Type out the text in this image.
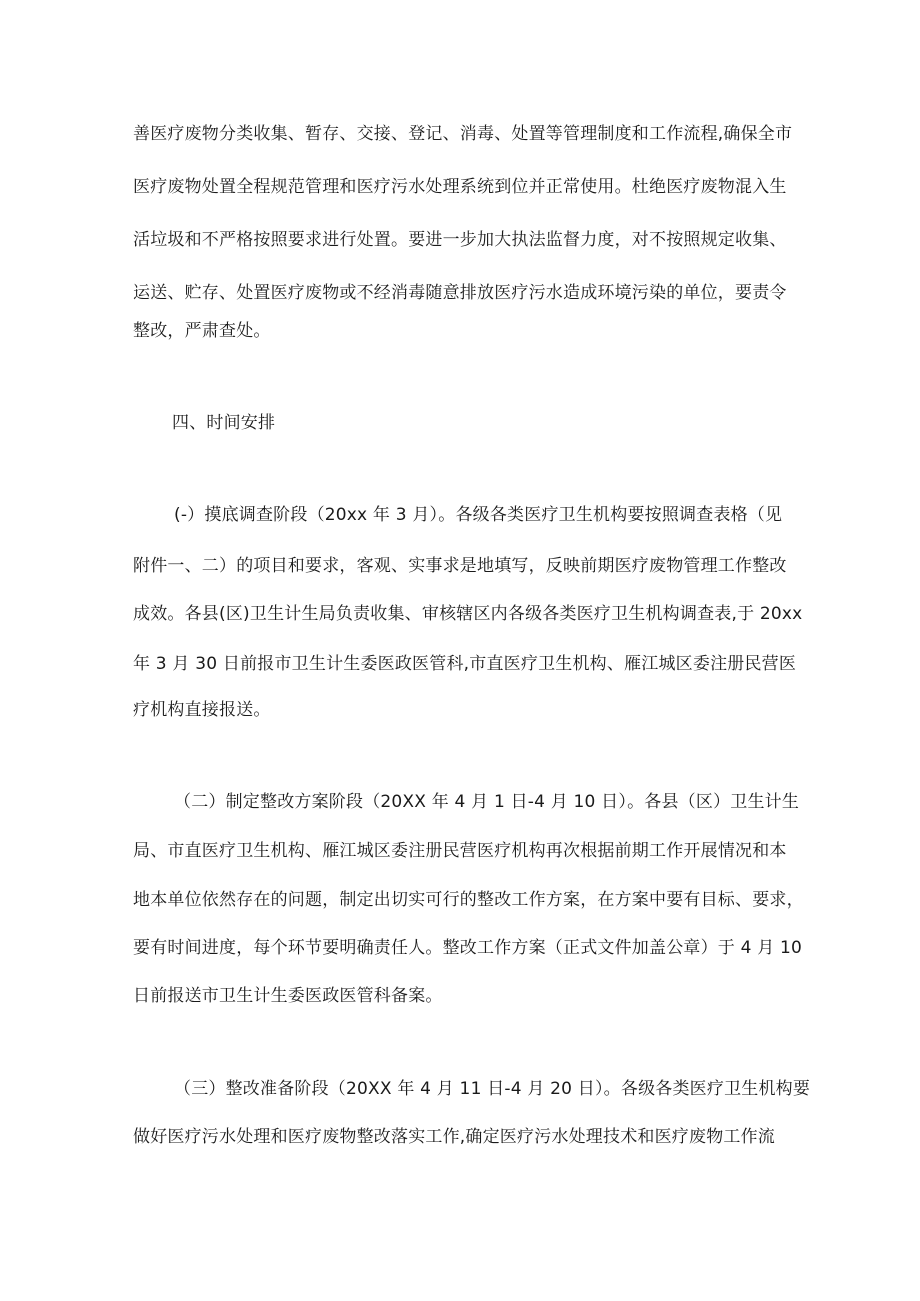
善医疗废物分类收集、暂存、交接、登记、消毒、处置等管理制度和工作流程,确保全市
医疗废物处置全程规范管理和医疗污水处理系统到位并正常使用。杜绝医疗废物混入生
活垃圾和不严格按照要求进行处置。要进一步加大执法监督力度，对不按照规定收集、
运送、贮存、处置医疗废物或不经消毒随意排放医疗污水造成环境污染的单位，要责令
整改，严肃查处。
四、时间安排
(-）摸底调查阶段（20xx 年 3 月）。各级各类医疗卫生机构要按照调查表格（见
附件一、二）的项目和要求，客观、实事求是地填写，反映前期医疗废物管理工作整改
成效。各县(区)卫生计生局负责收集、审核辖区内各级各类医疗卫生机构调查表,于 20xx
年 3 月 30 日前报市卫生计生委医政医管科,市直医疗卫生机构、雁江城区委注册民营医
疗机构直接报送。
（二）制定整改方案阶段（20XX 年 4 月 1 日-4 月 10 日）。各县（区）卫生计生
局、市直医疗卫生机构、雁江城区委注册民营医疗机构再次根据前期工作开展情况和本
地本单位依然存在的问题，制定出切实可行的整改工作方案，在方案中要有目标、要求，
要有时间进度，每个环节要明确责任人。整改工作方案（正式文件加盖公章）于 4 月 10
日前报送市卫生计生委医政医管科备案。
（三）整改准备阶段（20XX 年 4 月 11 日-4 月 20 日）。各级各类医疗卫生机构要
做好医疗污水处理和医疗废物整改落实工作,确定医疗污水处理技术和医疗废物工作流
